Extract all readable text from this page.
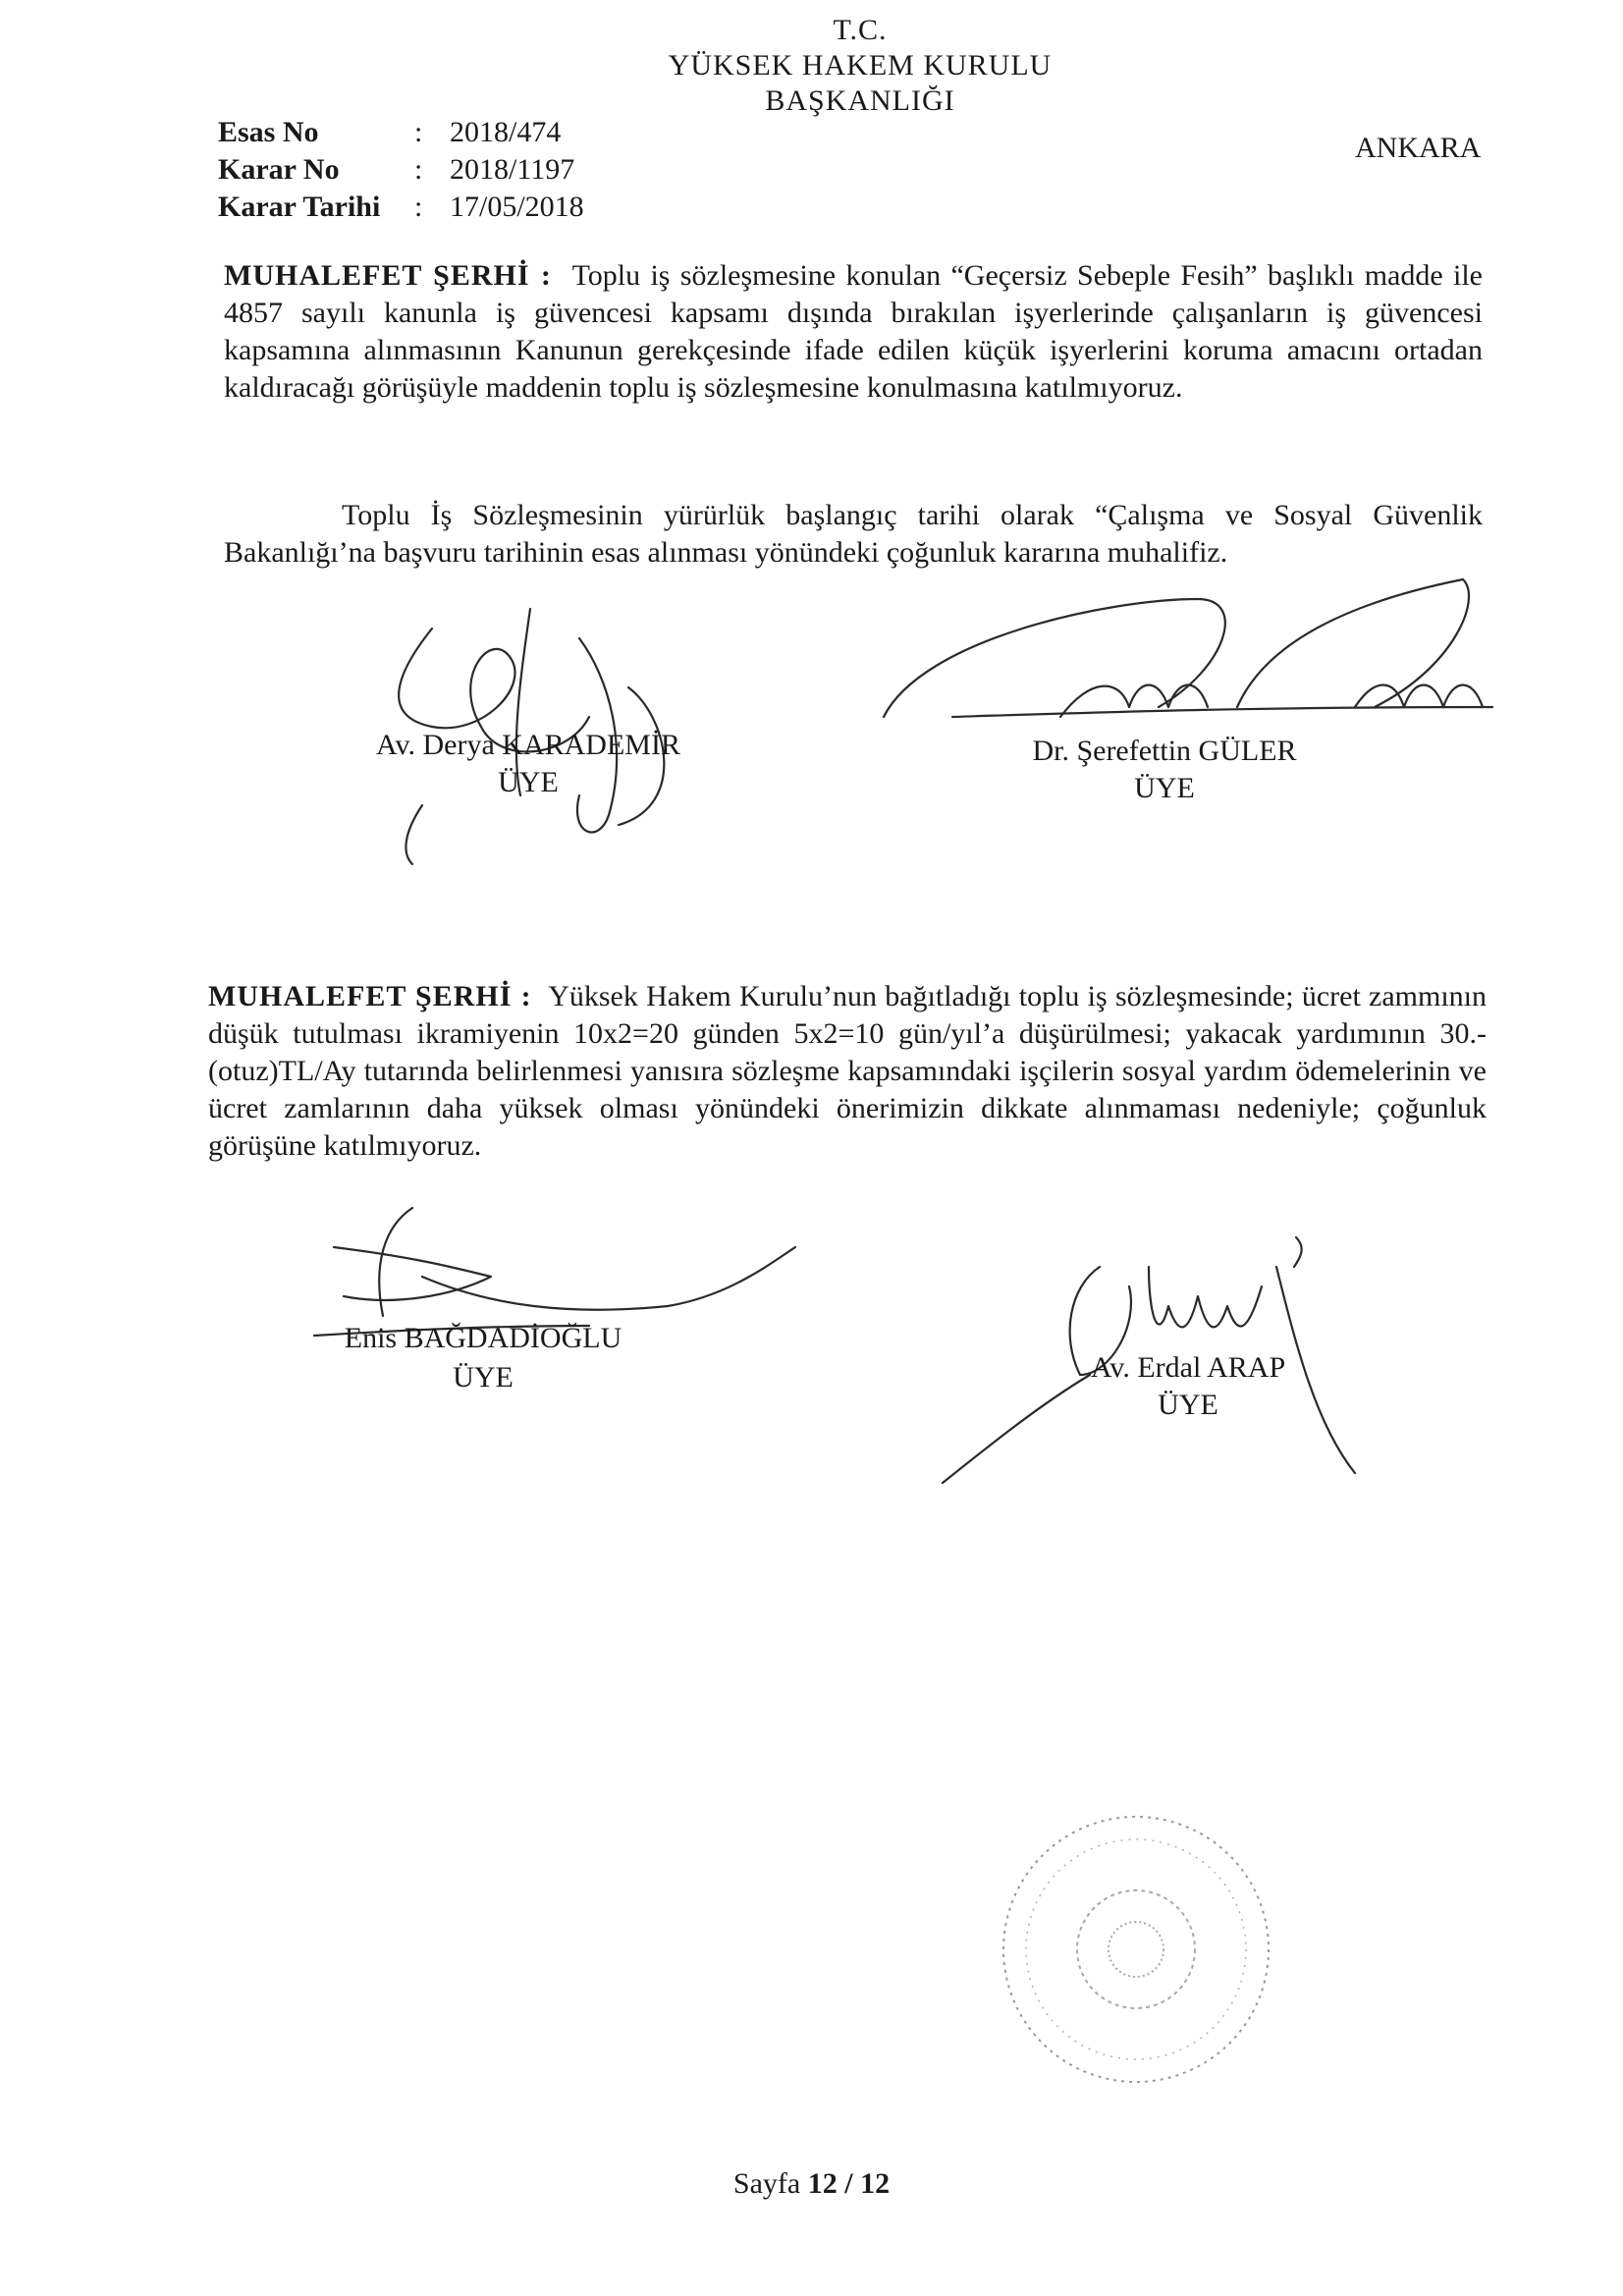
T.C.
YÜKSEK HAKEM KURULU
BAŞKANLIĞI
ANKARA
Esas No	: 2018/474
Karar No	: 2018/1197
Karar Tarihi : 17/05/2018
MUHALEFET ŞERHİ : Toplu iş sözleşmesine konulan “Geçersiz Sebeple Fesih” başlıklı madde ile 4857 sayılı kanunla iş güvencesi kapsamı dışında bırakılan işyerlerinde çalışanların iş güvencesi kapsamına alınmasının Kanunun gerekçesinde ifade edilen küçük işyerlerini koruma amacını ortadan kaldıracağı görüşüyle maddenin toplu iş sözleşmesine konulmasına katılmıyoruz.
Toplu İş Sözleşmesinin yürürlük başlangıç tarihi olarak “Çalışma ve Sosyal Güvenlik Bakanlığı’na başvuru tarihinin esas alınması yönündeki çoğunluk kararına muhalifiz.
Av. Derya KARADEMİR
ÜYE
Dr. Şerefettin GÜLER
ÜYE
MUHALEFET ŞERHİ : Yüksek Hakem Kurulu’nun bağıtladığı toplu iş sözleşmesinde; ücret zammının düşük tutulması ikramiyenin 10x2=20 günden 5x2=10 gün/yıl’a düşürülmesi; yakacak yardımının 30.-(otuz)TL/Ay tutarında belirlenmesi yanısıra sözleşme kapsamındaki işçilerin sosyal yardım ödemelerinin ve ücret zamlarının daha yüksek olması yönündeki önerimizin dikkate alınmaması nedeniyle; çoğunluk görüşüne katılmıyoruz.
Enis BAĞDADİOĞLU
ÜYE	Av. Erdal ARAP
ÜYE
Sayfa 12 / 12
